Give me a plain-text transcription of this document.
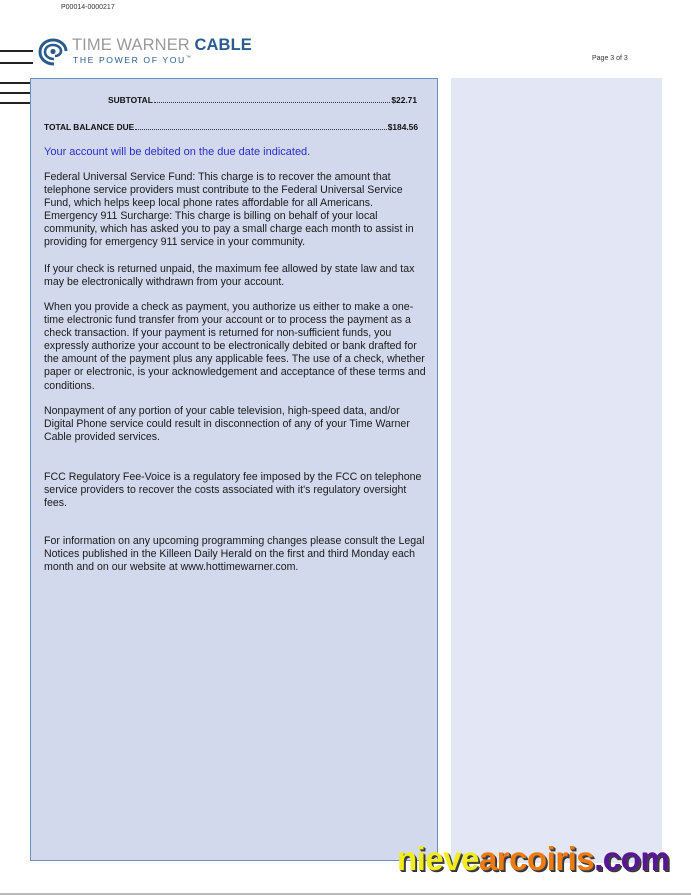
P00014-0000217
TIME WARNER CABLE
THE POWER OF YOU™	Page 3 of 3
SUBTOTAL	$22.71
TOTAL BALANCE DUE	$184.56
Your account will be debited on the due date indicated.
Federal Universal Service Fund: This charge is to recover the amount that telephone service providers must contribute to the Federal Universal Service Fund, which helps keep local phone rates affordable for all Americans. Emergency 911 Surcharge: This charge is billing on behalf of your local community, which has asked you to pay a small charge each month to assist in providing for emergency 911 service in your community.
If your check is returned unpaid, the maximum fee allowed by state law and tax may be electronically withdrawn from your account.
When you provide a check as payment, you authorize us either to make a one-time electronic fund transfer from your account or to process the payment as a check transaction. If your payment is returned for non-sufficient funds, you expressly authorize your account to be electronically debited or bank drafted for the amount of the payment plus any applicable fees. The use of a check, whether paper or electronic, is your acknowledgement and acceptance of these terms and conditions.
Nonpayment of any portion of your cable television, high-speed data, and/or Digital Phone service could result in disconnection of any of your Time Warner Cable provided services.
FCC Regulatory Fee-Voice is a regulatory fee imposed by the FCC on telephone service providers to recover the costs associated with it's regulatory oversight fees.
For information on any upcoming programming changes please consult the Legal Notices published in the Killeen Daily Herald on the first and third Monday each month and on our website at www.hottimewarner.com.
nievearcoiris.com
